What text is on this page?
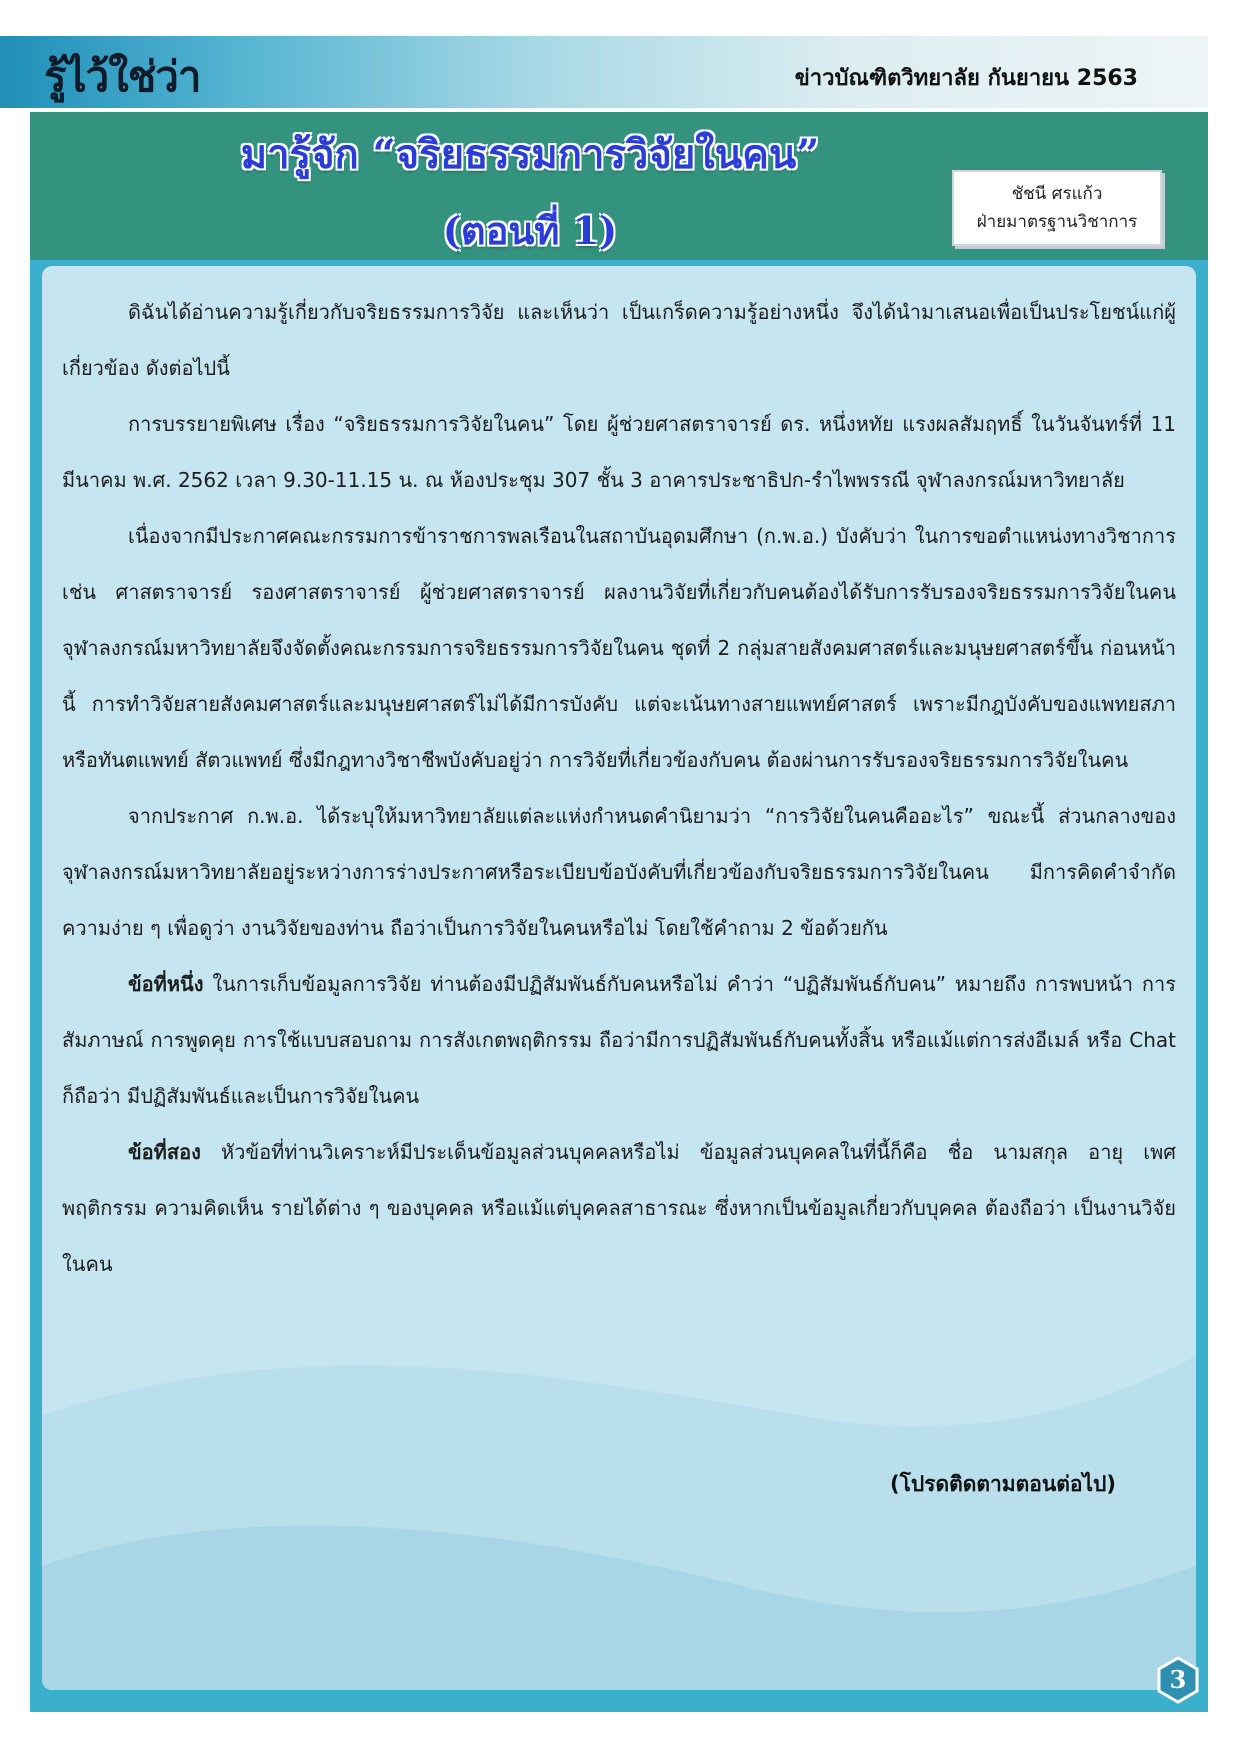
รู้ไว้ใช่ว่า	ข่าวบัณฑิตวิทยาลัย กันยายน 2563
มารู้จัก “จริยธรรมการวิจัยในคน”
(ตอนที่ 1)
ชัชนี ศรแก้ว
ฝ่ายมาตรฐานวิชาการ

ดิฉันได้อ่านความรู้เกี่ยวกับจริยธรรมการวิจัย และเห็นว่า เป็นเกร็ดความรู้อย่างหนึ่ง จึงได้นำมาเสนอเพื่อเป็นประโยชน์แก่ผู้เกี่ยวข้อง ดังต่อไปนี้

การบรรยายพิเศษ เรื่อง “จริยธรรมการวิจัยในคน” โดย ผู้ช่วยศาสตราจารย์ ดร. หนึ่งหทัย แรงผลสัมฤทธิ์ ในวันจันทร์ที่ 11 มีนาคม พ.ศ. 2562 เวลา 9.30-11.15 น. ณ ห้องประชุม 307 ชั้น 3 อาคารประชาธิปก-รำไพพรรณี จุฬาลงกรณ์มหาวิทยาลัย

เนื่องจากมีประกาศคณะกรรมการข้าราชการพลเรือนในสถาบันอุดมศึกษา (ก.พ.อ.) บังคับว่า ในการขอตำแหน่งทางวิชาการ เช่น ศาสตราจารย์ รองศาสตราจารย์ ผู้ช่วยศาสตราจารย์ ผลงานวิจัยที่เกี่ยวกับคนต้องได้รับการรับรองจริยธรรมการวิจัยในคน จุฬาลงกรณ์มหาวิทยาลัยจึงจัดตั้งคณะกรรมการจริยธรรมการวิจัยในคน ชุดที่ 2 กลุ่มสายสังคมศาสตร์และมนุษยศาสตร์ขึ้น ก่อนหน้านี้ การทำวิจัยสายสังคมศาสตร์และมนุษยศาสตร์ไม่ได้มีการบังคับ แต่จะเน้นทางสายแพทย์ศาสตร์ เพราะมีกฎบังคับของแพทยสภา หรือทันตแพทย์ สัตวแพทย์ ซึ่งมีกฎทางวิชาชีพบังคับอยู่ว่า การวิจัยที่เกี่ยวข้องกับคน ต้องผ่านการรับรองจริยธรรมการวิจัยในคน

จากประกาศ ก.พ.อ. ได้ระบุให้มหาวิทยาลัยแต่ละแห่งกำหนดคำนิยามว่า “การวิจัยในคนคืออะไร” ขณะนี้ ส่วนกลางของจุฬาลงกรณ์มหาวิทยาลัยอยู่ระหว่างการร่างประกาศหรือระเบียบข้อบังคับที่เกี่ยวข้องกับจริยธรรมการวิจัยในคน มีการคิดคำจำกัดความง่าย ๆ เพื่อดูว่า งานวิจัยของท่าน ถือว่าเป็นการวิจัยในคนหรือไม่ โดยใช้คำถาม 2 ข้อด้วยกัน

ข้อที่หนึ่ง ในการเก็บข้อมูลการวิจัย ท่านต้องมีปฏิสัมพันธ์กับคนหรือไม่ คำว่า “ปฏิสัมพันธ์กับคน” หมายถึง การพบหน้า การสัมภาษณ์ การพูดคุย การใช้แบบสอบถาม การสังเกตพฤติกรรม ถือว่ามีการปฏิสัมพันธ์กับคนทั้งสิ้น หรือแม้แต่การส่งอีเมล์ หรือ Chat ก็ถือว่า มีปฏิสัมพันธ์และเป็นการวิจัยในคน

ข้อที่สอง หัวข้อที่ท่านวิเคราะห์มีประเด็นข้อมูลส่วนบุคคลหรือไม่ ข้อมูลส่วนบุคคลในที่นี้ก็คือ ชื่อ นามสกุล อายุ เพศ พฤติกรรม ความคิดเห็น รายได้ต่าง ๆ ของบุคคล หรือแม้แต่บุคคลสาธารณะ ซึ่งหากเป็นข้อมูลเกี่ยวกับบุคคล ต้องถือว่า เป็นงานวิจัยในคน

(โปรดติดตามตอนต่อไป)
3
